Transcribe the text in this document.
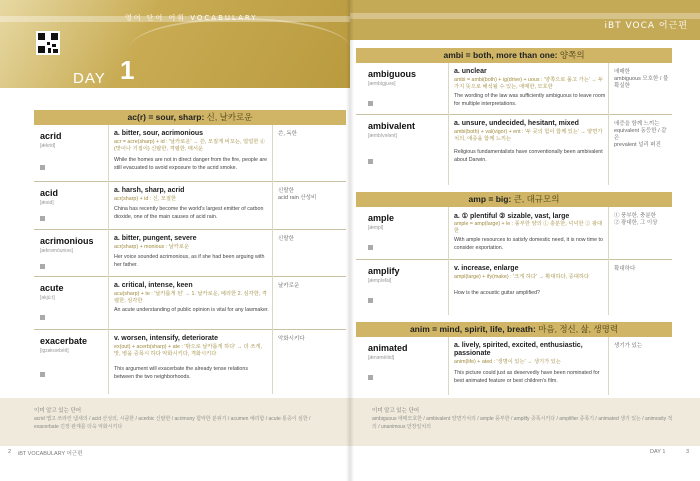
영어 단어 어휘 VOCABULARY
DAY 1
ac(r) = sour, sharp: 신, 날카로운
acrid
[ǽkrid]
a. bitter, sour, acrimonious
acr = acre(sharp) + id : '날카로운' → 쓴, 모질게 비꼬는, 얼얼한 ⓓ (맛이나 기질이) 신랄한, 격렬한, 매서운
While the homes are not in direct danger from the fire, people are still evacuated to avoid exposure to the acrid smoke.
쓴, 독한
acid
[ǽsid]
a. harsh, sharp, acrid
acr(sharp) + id : 신, 모질한
China has recently become the world's largest emitter of carbon dioxide, one of the main causes of acid rain.
신랄한
acid rain 산성비
acrimonious
[æ̀krəmóuniəs]
a. bitter, pungent, severe
acr(sharp) + monious : 날카로운
Her voice sounded acrimonious, as if she had been arguing with her father.
신랄한
acute
[əkjúːt]
a. critical, intense, keen
acu(sharp) + te : '날카롭게 된' → 1. 날카로운, 예리한 2. 심각한, 격렬한, 심각한
An acute understanding of public opinion is vital for any lawmaker.
날카로운
exacerbate
[igzǽsərbèit]
v. worsen, intensify, deteriorate
ex(out) + acerb(sharp) + ate : '밖으로 날카롭게 하다' → 더 쓰게, 맛, 병을 증폭시 하다 악화시키다, 격화시키다
This argument will exacerbate the already tense relations between the two neighborhoods.
악화시키다
이미 알고 있는 단어
acrid 맵고 쓰라린 냄새의 / acid 산성의, 시큼한 / acerbic 신랄한 / acrimony 험악한 분위기 / acumen 예리함 / acute 통증이 심한 / exacerbate 긴장 관계를 더욱 악화시키다
2 iBT VOCABULARY 어근편
iBT VOCA 어근편
ambi = both, more than one: 양쪽의
ambiguous
[æmbígjuəs]
a. unclear
ambi = ambi(both) + ig(drive) + uous : '양쪽으로 몰고 가는' → 두가지 뜻으로 해석될 수 있는, 애매한, 모호한
The wording of the law was sufficiently ambiguous to leave room for multiple interpretations.
애매한
ambiguous 모호한 / 불확실한
ambivalent
[æmbívələnt]
a. unsure, undecided, hesitant, mixed
ambi(both) + val(vigor) + ent : '두 곳의 힘이 함께 있는' → 양면가치의, 애증을 함께 느끼는
Religious fundamentalists have conventionally been ambivalent about Darwin.
애증을 함께 느끼는
equivalent 동등한 / 같은
prevalent 널리 퍼진
amp = big: 큰, 대규모의
ample
[ǽmpl]
a. ① plentiful ② sizable, vast, large
ample = amp(large) + le : 풍부한 양의 ① 충분한, 넉넉한 ② 광대한
With ample resources to satisfy domestic need, it is now time to consider exportation.
① 풍부한, 충분한
② 광대한, 그 이상
amplify
[ǽmpləfài]
v. increase, enlarge
ampl(large) + ify(make) : '크게 하다' → 확대하다, 증대하다
How is the acoustic guitar amplified?
확대하다
anim = mind, spirit, life, breath: 마음, 정신, 삶, 생명력
animated
[ǽnəmèitid]
a. lively, spirited, excited, enthusiastic, passionate
anim(life) + ated : '생명이 있는' → 생기가 있는
This picture could just as deservedly have been nominated for best animated feature or best children's film.
생기가 있는
이미 알고 있는 단어
ambiguous 애매모호한 / ambivalent 양면가치의 / ample 풍부한 / amplify 증폭시키다 / amplifier 증폭기 / animated 생기 있는 / animosity 적의 / unanimous 만장일치의
DAY 1	3
